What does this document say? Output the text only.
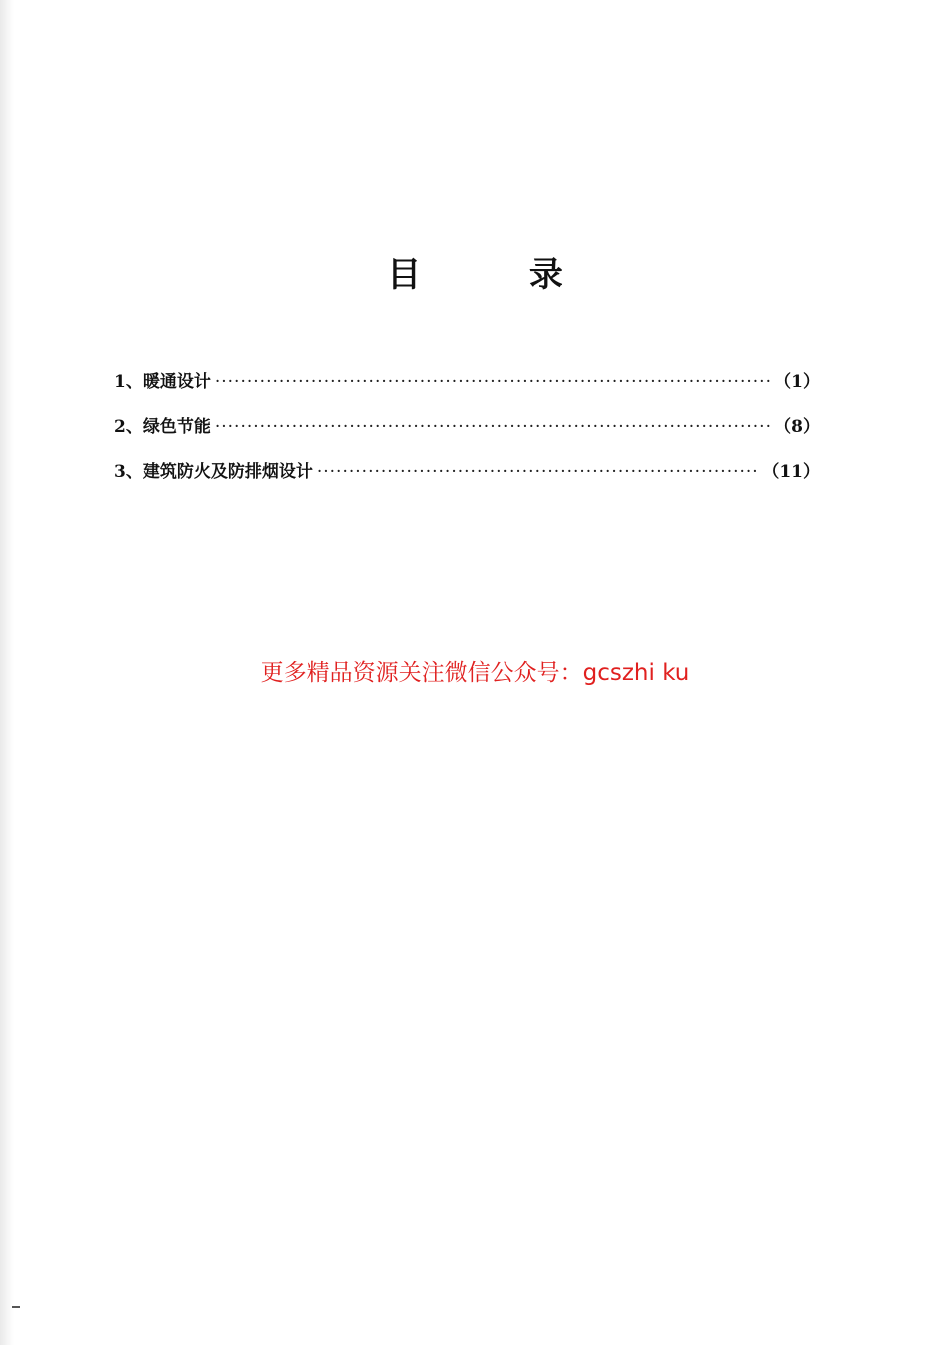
目 录
1、 暖通设计 ·····	（1）
2、 绿色节能 ·····	（8）
3、 建筑防火及防排烟设计 ·····	（11）
更多精品资源关注微信公众号：gcszhi ku
